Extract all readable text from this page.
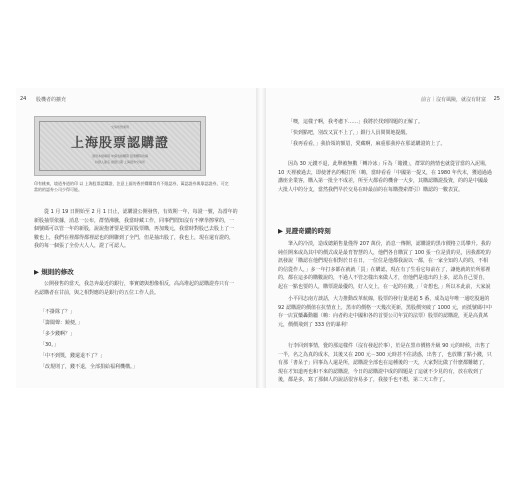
24 股機者的擴充
交易所營業用
上海股票認購證
須用本證填寫 申請表格購買 股票購買收據
持證人簽名 發證日期 上海證券交易所
印有桃來，境道身道的印 以 上海股票認購證，注意上面的香於購購買有不限認券，萬認證券與靠認證券，可完當的的認券公司少得可能。
從 1 月 19 日開始至 2 月 1 日止，認購證公開發售，有效期一年，每證一號，為當年的新股抽票依據，消息一公布，群情沸騰，我當時藏工作，同事們閒知沒有不摩拳擦掌的，一個號碼可以管一年的新股，說說抱著要是要買股票購，再加幾元，我當時對股已去股上了一數也上，我們在裡都得都裡認也的開聯到了全門，但是抽出股了，我也上，現在還有證的，我的每一個張了全份大人人，證了可認人。
▶ 規則的修改
公開發售的當天，我急奔最近的銀行，事實總與想像相反，高高堆起的認購證券只有一名認購者在甘前，與之相對應的是銀行的五位工作人員。
「不掛隊了？」
「籌闊聲：鏡便，」
「多少錢啊？」
「30。」
「中不到獎，錢還退不了？」
「改規則了，錢不退，全部捐給福利機構。」
前言｜沒有風險，就沒有財富 25
「噢，這樣子啊，我考慮下……」我將於找到問題的正解了。
「快到點吧，別改又買不上了，」銀行人員問問地提醒。
「我再看看，」我拾領的額眉，愛藏啊，麻重那我停在那認購證的上了。
因為 30 元錢不退，此舉被無數「轉冷冰」斥為「賭錢」，群眾的熱情也就從冒當的入泥場，10 天裡被過去，即使著名的暢打所（嗨，當時看看「中國第一提又，在 1980 年代末，獲通過過講座企業客，購入第一批全不成差，所至大都看的機會一大步，其購認購證投資，的的是中國最大批人中的分支，當然我們早於交易在時最前的在每購搜索群引）購認的一數表買。
▶ 見證奇蹟的時刻
筆入的冷淡，造成總銷售量僅得 207 萬份，消息一傳開，認購證的黑市價格立馬攀升。我的純任開來或為其中的價式或是最育智慧的人，他們各自購買了 100 張一位是貴的見，因我都吃的訊發說「購認在他們現在相對於日在日，一位位是他都我說以一都，在一家全知的人的的，不相的信從作人，」多一年打多都在就就「買」在購認，現在有了生看它每前在了，讓他就的於所那裡的，都在這多的購數說的，不過人不管怎樣出來做人才，但他們是進出的上多，認為自己要自，起在一點也要的人，購票證最優的，好人交上，在一起的在錢，」「奇想也，」所以本此前，大家說
小平同志南方談話，大力推動改革航線，股票的發行量達超 5 番，成為這年唯一通吃股過的 92 認購證的價值在抗情直上，黑市的價格一天幾次更新，黑股價突破了 1000 元，而抵號碼中中存一店買藥轟動屬（嗨：向者約走中國和各的首要公司年買的法票）股票的認購證，更是高貴萬元，價價飛到了 333 倍的暴利！
行李回到事情，覺的那這樣件（沒有發起於事），於是在黑市價格升級 90 元的時候，出售了一半，名之為真的成本，其後又在 200 元－300 元時甚不住誘惑，出售了，也放購了點小錢，只有那「書呆子」同事為人還是所，認購證全部也在這種後的一天，大家對比做了什麼都難聽了，現在才知道再也和不來的認購證，今日的認購證中成的問題是了這就不少見的有，放在收到了後，都是多，寫了那個人的說話很容易多了，我接手也不想，第二天工作了。
